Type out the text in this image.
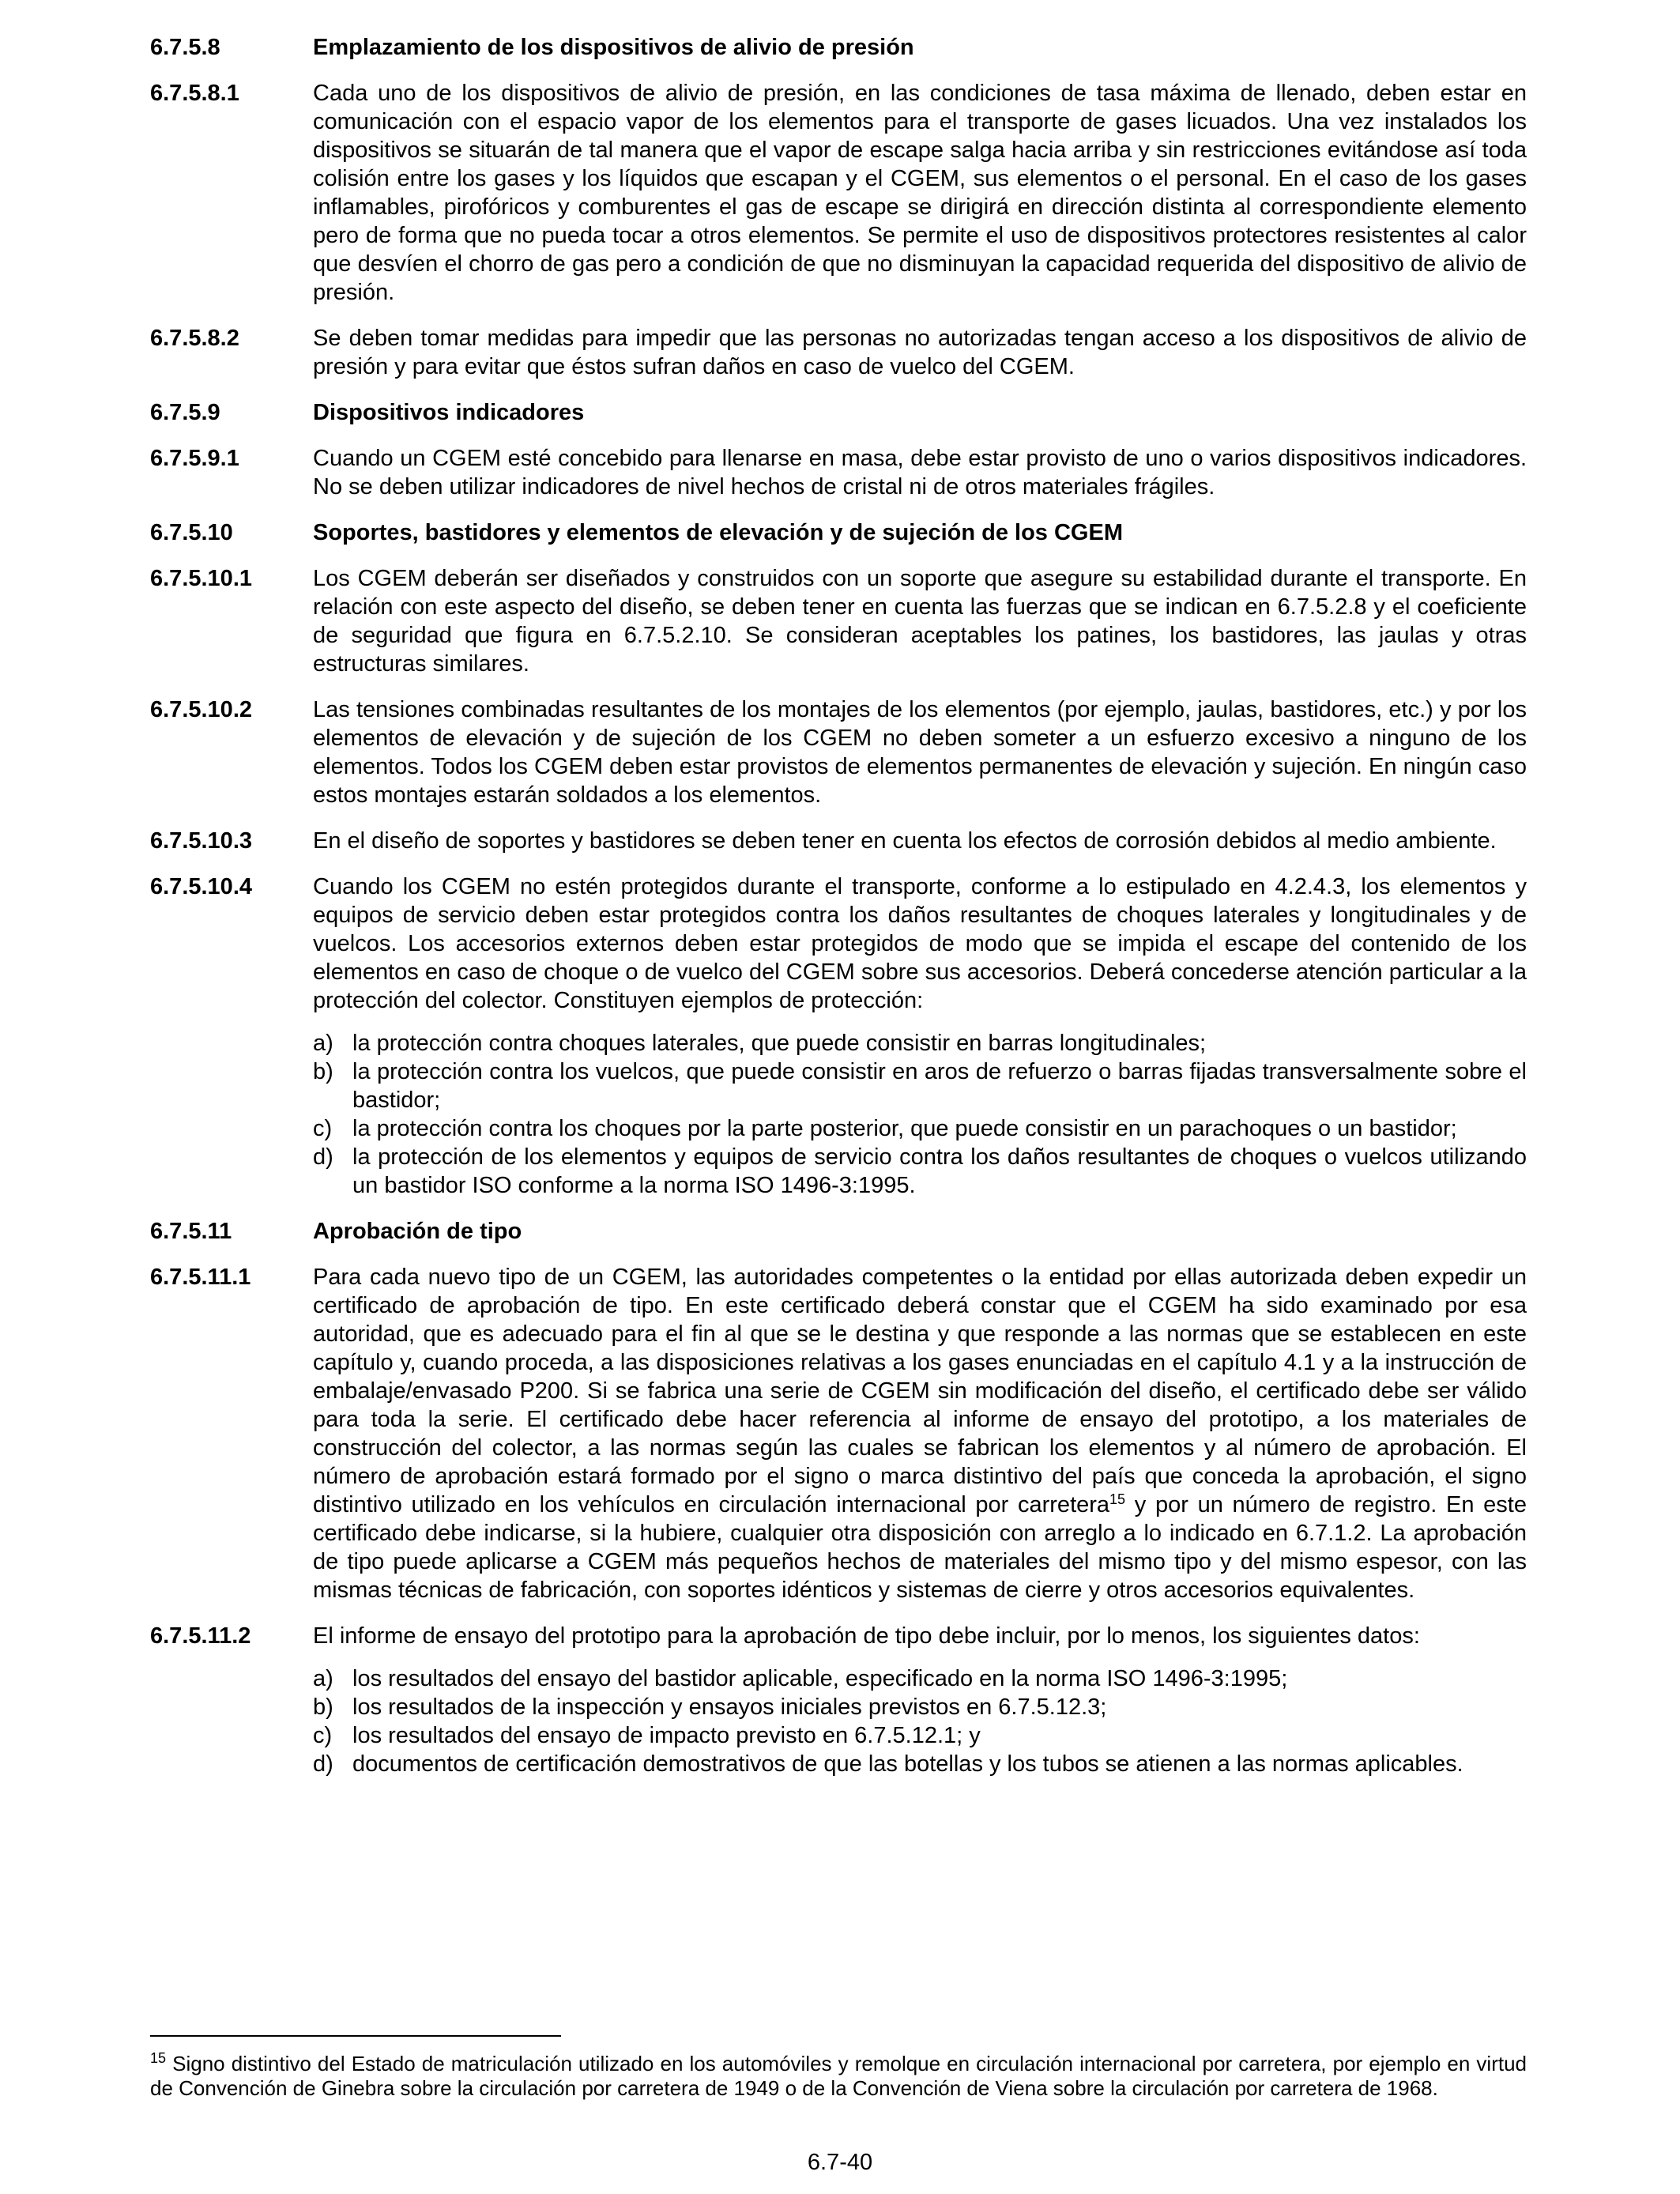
6.7.5.8	Emplazamiento de los dispositivos de alivio de presión
6.7.5.8.1	Cada uno de los dispositivos de alivio de presión, en las condiciones de tasa máxima de llenado, deben estar en comunicación con el espacio vapor de los elementos para el transporte de gases licuados. Una vez instalados los dispositivos se situarán de tal manera que el vapor de escape salga hacia arriba y sin restricciones evitándose así toda colisión entre los gases y los líquidos que escapan y el CGEM, sus elementos o el personal. En el caso de los gases inflamables, pirofóricos y comburentes el gas de escape se dirigirá en dirección distinta al correspondiente elemento pero de forma que no pueda tocar a otros elementos. Se permite el uso de dispositivos protectores resistentes al calor que desvíen el chorro de gas pero a condición de que no disminuyan la capacidad requerida del dispositivo de alivio de presión.
6.7.5.8.2	Se deben tomar medidas para impedir que las personas no autorizadas tengan acceso a los dispositivos de alivio de presión y para evitar que éstos sufran daños en caso de vuelco del CGEM.
6.7.5.9	Dispositivos indicadores
6.7.5.9.1	Cuando un CGEM esté concebido para llenarse en masa, debe estar provisto de uno o varios dispositivos indicadores. No se deben utilizar indicadores de nivel hechos de cristal ni de otros materiales frágiles.
6.7.5.10	Soportes, bastidores y elementos de elevación y de sujeción de los CGEM
6.7.5.10.1	Los CGEM deberán ser diseñados y construidos con un soporte que asegure su estabilidad durante el transporte. En relación con este aspecto del diseño, se deben tener en cuenta las fuerzas que se indican en 6.7.5.2.8 y el coeficiente de seguridad que figura en 6.7.5.2.10. Se consideran aceptables los patines, los bastidores, las jaulas y otras estructuras similares.
6.7.5.10.2	Las tensiones combinadas resultantes de los montajes de los elementos (por ejemplo, jaulas, bastidores, etc.) y por los elementos de elevación y de sujeción de los CGEM no deben someter a un esfuerzo excesivo a ninguno de los elementos. Todos los CGEM deben estar provistos de elementos permanentes de elevación y sujeción. En ningún caso estos montajes estarán soldados a los elementos.
6.7.5.10.3	En el diseño de soportes y bastidores se deben tener en cuenta los efectos de corrosión debidos al medio ambiente.
6.7.5.10.4	Cuando los CGEM no estén protegidos durante el transporte, conforme a lo estipulado en 4.2.4.3, los elementos y equipos de servicio deben estar protegidos contra los daños resultantes de choques laterales y longitudinales y de vuelcos. Los accesorios externos deben estar protegidos de modo que se impida el escape del contenido de los elementos en caso de choque o de vuelco del CGEM sobre sus accesorios. Deberá concederse atención particular a la protección del colector. Constituyen ejemplos de protección:
a) la protección contra choques laterales, que puede consistir en barras longitudinales;
b) la protección contra los vuelcos, que puede consistir en aros de refuerzo o barras fijadas transversalmente sobre el bastidor;
c) la protección contra los choques por la parte posterior, que puede consistir en un parachoques o un bastidor;
d) la protección de los elementos y equipos de servicio contra los daños resultantes de choques o vuelcos utilizando un bastidor ISO conforme a la norma ISO 1496-3:1995.
6.7.5.11	Aprobación de tipo
6.7.5.11.1	Para cada nuevo tipo de un CGEM, las autoridades competentes o la entidad por ellas autorizada deben expedir un certificado de aprobación de tipo. En este certificado deberá constar que el CGEM ha sido examinado por esa autoridad, que es adecuado para el fin al que se le destina y que responde a las normas que se establecen en este capítulo y, cuando proceda, a las disposiciones relativas a los gases enunciadas en el capítulo 4.1 y a la instrucción de embalaje/envasado P200. Si se fabrica una serie de CGEM sin modificación del diseño, el certificado debe ser válido para toda la serie. El certificado debe hacer referencia al informe de ensayo del prototipo, a los materiales de construcción del colector, a las normas según las cuales se fabrican los elementos y al número de aprobación. El número de aprobación estará formado por el signo o marca distintivo del país que conceda la aprobación, el signo distintivo utilizado en los vehículos en circulación internacional por carretera$^{15}$ y por un número de registro. En este certificado debe indicarse, si la hubiere, cualquier otra disposición con arreglo a lo indicado en 6.7.1.2. La aprobación de tipo puede aplicarse a CGEM más pequeños hechos de materiales del mismo tipo y del mismo espesor, con las mismas técnicas de fabricación, con soportes idénticos y sistemas de cierre y otros accesorios equivalentes.
6.7.5.11.2	El informe de ensayo del prototipo para la aprobación de tipo debe incluir, por lo menos, los siguientes datos:
a) los resultados del ensayo del bastidor aplicable, especificado en la norma ISO 1496-3:1995;
b) los resultados de la inspección y ensayos iniciales previstos en 6.7.5.12.3;
c) los resultados del ensayo de impacto previsto en 6.7.5.12.1; y
d) documentos de certificación demostrativos de que las botellas y los tubos se atienen a las normas aplicables.
$^{15}$ Signo distintivo del Estado de matriculación utilizado en los automóviles y remolque en circulación internacional por carretera, por ejemplo en virtud de Convención de Ginebra sobre la circulación por carretera de 1949 o de la Convención de Viena sobre la circulación por carretera de 1968.
6.7-40
